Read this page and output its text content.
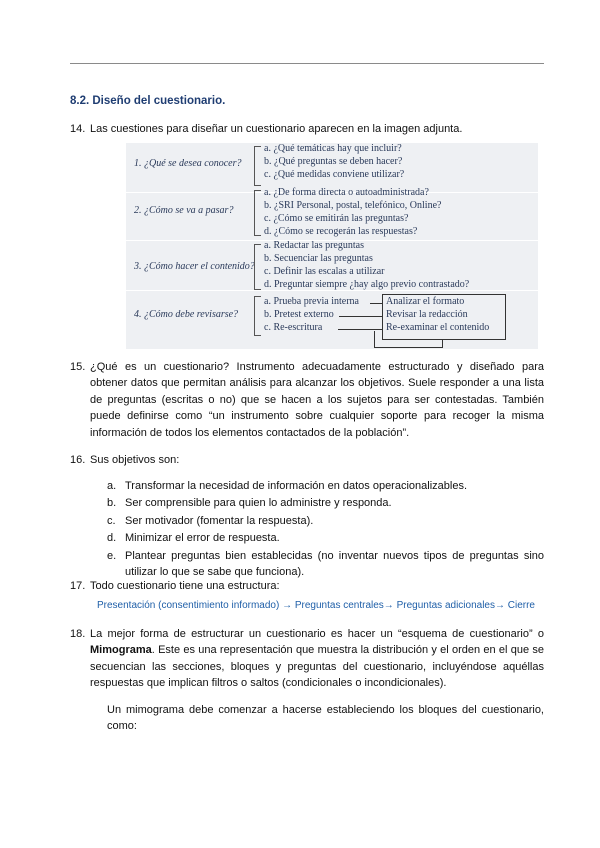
8.2. Diseño del cuestionario.
14. Las cuestiones para diseñar un cuestionario aparecen en la imagen adjunta.
1. ¿Qué se desea conocer?
a. ¿Qué temáticas hay que incluir?
b. ¿Qué preguntas se deben hacer?
c. ¿Qué medidas conviene utilizar?
2. ¿Cómo se va a pasar?
a. ¿De forma directa o autoadministrada?
b. ¿SRI Personal, postal, telefónico, Online?
c. ¿Cómo se emitirán las preguntas?
d. ¿Cómo se recogerán las respuestas?
3. ¿Cómo hacer el contenido?
a. Redactar las preguntas
b. Secuenciar las preguntas
c. Definir las escalas a utilizar
d. Preguntar siempre ¿hay algo previo contrastado?
4. ¿Cómo debe revisarse?
a. Prueba previa interna
b. Pretest externo
c. Re-escritura
Analizar el formato
Revisar la redacción
Re-examinar el contenido
15. ¿Qué es un cuestionario? Instrumento adecuadamente estructurado y diseñado para obtener datos que permitan análisis para alcanzar los objetivos. Suele responder a una lista de preguntas (escritas o no) que se hacen a los sujetos para ser contestadas. También puede definirse como “un instrumento sobre cualquier soporte para recoger la misma información de todos los elementos contactados de la población”.
16. Sus objetivos son:
a. Transformar la necesidad de información en datos operacionalizables.
b. Ser comprensible para quien lo administre y responda.
c. Ser motivador (fomentar la respuesta).
d. Minimizar el error de respuesta.
e. Plantear preguntas bien establecidas (no inventar nuevos tipos de preguntas sino utilizar lo que se sabe que funciona).
17. Todo cuestionario tiene una estructura:
Presentación (consentimiento informado) → Preguntas centrales→ Preguntas adicionales→ Cierre
18. La mejor forma de estructurar un cuestionario es hacer un “esquema de cuestionario” o Mimograma. Este es una representación que muestra la distribución y el orden en el que se secuencian las secciones, bloques y preguntas del cuestionario, incluyéndose aquéllas respuestas que implican filtros o saltos (condicionales o incondicionales).
Un mimograma debe comenzar a hacerse estableciendo los bloques del cuestionario, como:
